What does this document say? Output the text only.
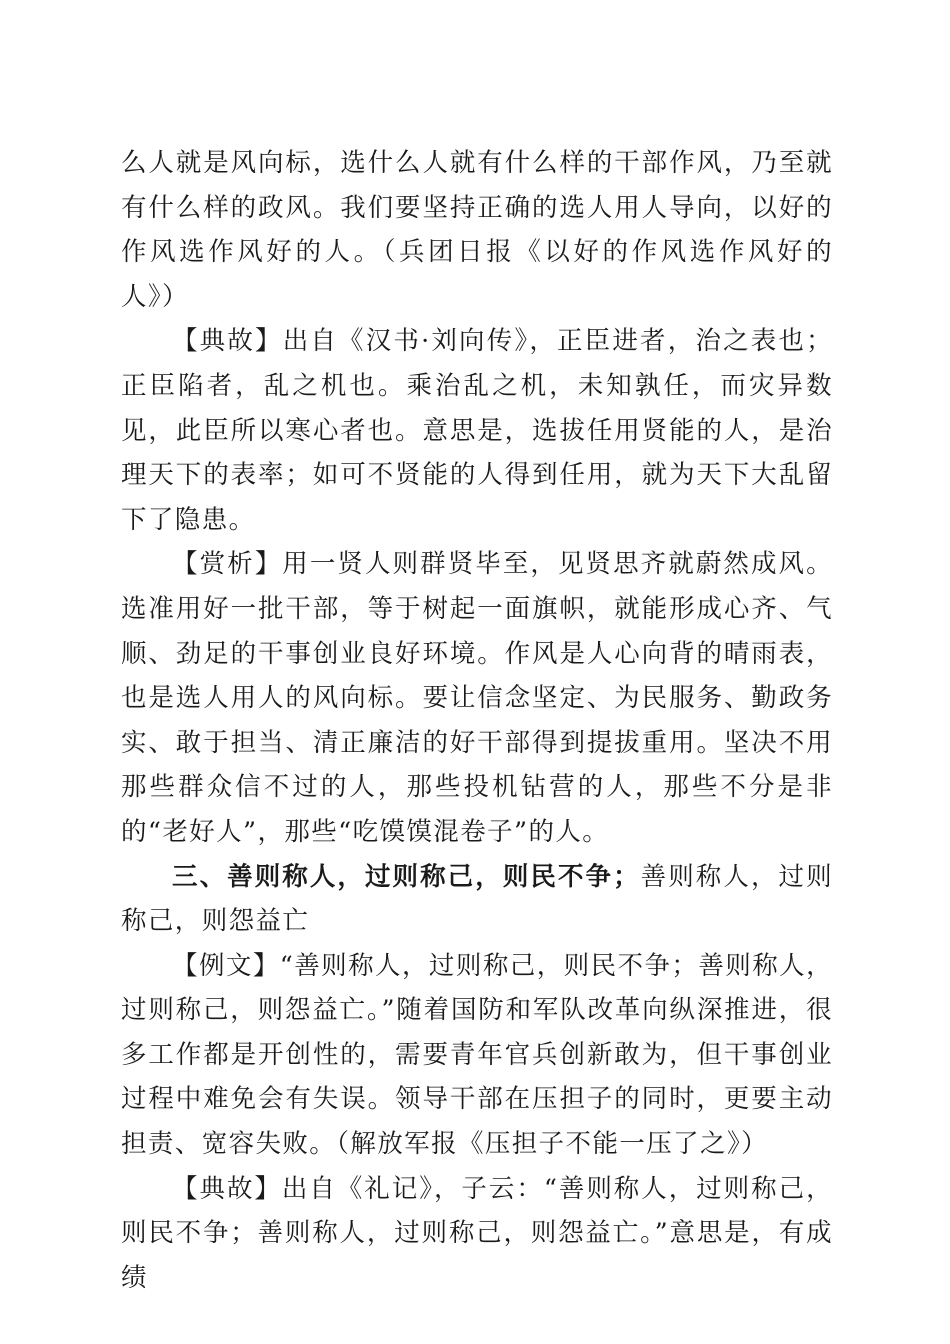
么人就是风向标，选什么人就有什么样的干部作风，乃至就有什么样的政风。我们要坚持正确的选人用人导向，以好的作风选作风好的人。（兵团日报《以好的作风选作风好的人》）

【典故】出自《汉书·刘向传》，正臣进者，治之表也；正臣陷者，乱之机也。乘治乱之机，未知孰任，而灾异数见，此臣所以寒心者也。意思是，选拔任用贤能的人，是治理天下的表率；如可不贤能的人得到任用，就为天下大乱留下了隐患。

【赏析】用一贤人则群贤毕至，见贤思齐就蔚然成风。选准用好一批干部，等于树起一面旗帜，就能形成心齐、气顺、劲足的干事创业良好环境。作风是人心向背的晴雨表，也是选人用人的风向标。要让信念坚定、为民服务、勤政务实、敢于担当、清正廉洁的好干部得到提拔重用。坚决不用那些群众信不过的人，那些投机钻营的人，那些不分是非的“老好人”，那些“吃馍馍混卷子”的人。

三、善则称人，过则称己，则民不争；善则称人，过则称己，则怨益亡

【例文】“善则称人，过则称己，则民不争；善则称人，过则称己，则怨益亡。”随着国防和军队改革向纵深推进，很多工作都是开创性的，需要青年官兵创新敢为，但干事创业过程中难免会有失误。领导干部在压担子的同时，更要主动担责、宽容失败。（解放军报《压担子不能一压了之》）

【典故】出自《礼记》，子云：“善则称人，过则称己，则民不争；善则称人，过则称己，则怨益亡。”意思是，有成绩
